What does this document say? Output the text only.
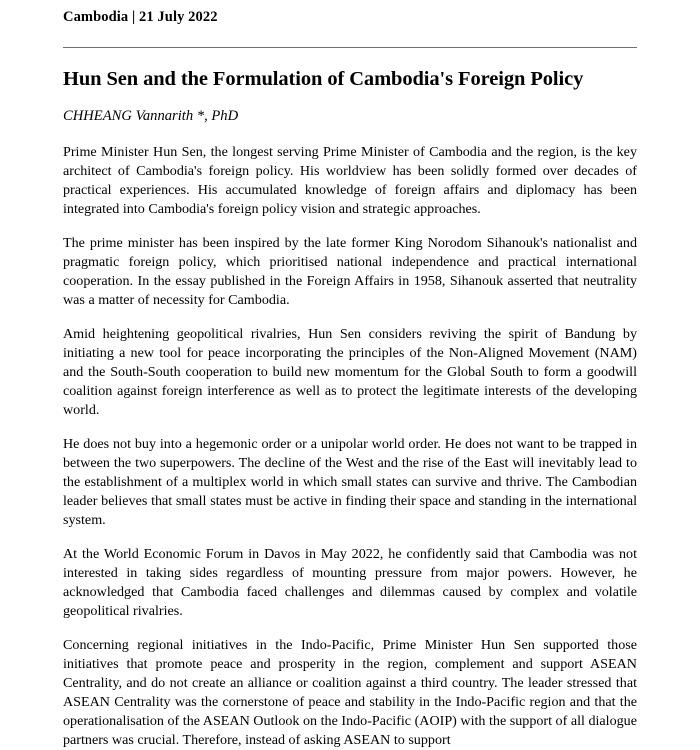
Cambodia | 21 July 2022
Hun Sen and the Formulation of Cambodia's Foreign Policy
CHHEANG Vannarith *, PhD

Prime Minister Hun Sen, the longest serving Prime Minister of Cambodia and the region, is the key architect of Cambodia's foreign policy. His worldview has been solidly formed over decades of practical experiences. His accumulated knowledge of foreign affairs and diplomacy has been integrated into Cambodia's foreign policy vision and strategic approaches.

The prime minister has been inspired by the late former King Norodom Sihanouk's nationalist and pragmatic foreign policy, which prioritised national independence and practical international cooperation. In the essay published in the Foreign Affairs in 1958, Sihanouk asserted that neutrality was a matter of necessity for Cambodia.

Amid heightening geopolitical rivalries, Hun Sen considers reviving the spirit of Bandung by initiating a new tool for peace incorporating the principles of the Non-Aligned Movement (NAM) and the South-South cooperation to build new momentum for the Global South to form a goodwill coalition against foreign interference as well as to protect the legitimate interests of the developing world.

He does not buy into a hegemonic order or a unipolar world order. He does not want to be trapped in between the two superpowers. The decline of the West and the rise of the East will inevitably lead to the establishment of a multiplex world in which small states can survive and thrive. The Cambodian leader believes that small states must be active in finding their space and standing in the international system.

At the World Economic Forum in Davos in May 2022, he confidently said that Cambodia was not interested in taking sides regardless of mounting pressure from major powers. However, he acknowledged that Cambodia faced challenges and dilemmas caused by complex and volatile geopolitical rivalries.

Concerning regional initiatives in the Indo-Pacific, Prime Minister Hun Sen supported those initiatives that promote peace and prosperity in the region, complement and support ASEAN Centrality, and do not create an alliance or coalition against a third country. The leader stressed that ASEAN Centrality was the cornerstone of peace and stability in the Indo-Pacific region and that the operationalisation of the ASEAN Outlook on the Indo-Pacific (AOIP) with the support of all dialogue partners was crucial. Therefore, instead of asking ASEAN to support
